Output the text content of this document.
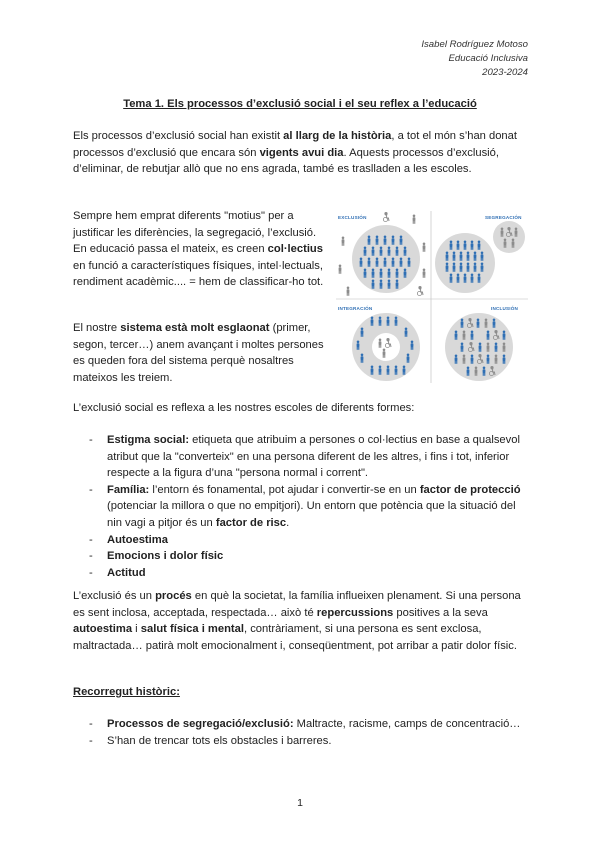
Isabel Rodríguez Motoso
Educació Inclusiva
2023-2024
Tema 1. Els processos d’exclusió social i el seu reflex a l’educació

Els processos d’exclusió social han existit al llarg de la història, a tot el món s’han donat processos d’exclusió que encara són vigents avui dia. Aquests processos d’exclusió, d’eliminar, de rebutjar allò que no ens agrada, també es traslladen a les escoles.

Sempre hem emprat diferents "motius" per a justificar les diferències, la segregació, l’exclusió. En educació passa el mateix, es creen col·lectius en funció a característiques físiques, intel·lectuals, rendiment acadèmic.... = hem de classificar-ho tot.

El nostre sistema està molt esglaonat (primer, segon, tercer…) anem avançant i moltes persones es queden fora del sistema perquè nosaltres mateixos les treiem.

EXCLUSIÓN	SEGREGACIÓN
INTEGRACIÓN	INCLUSIÓN

L’exclusió social es reflexa a les nostres escoles de diferents formes:

- Estigma social: etiqueta que atribuim a persones o col·lectius en base a qualsevol atribut que la "converteix" en una persona diferent de les altres, i fins i tot, inferior respecte a la figura d’una "persona normal i corrent".
- Família: l’entorn és fonamental, pot ajudar i convertir-se en un factor de protecció (potenciar la millora o que no empitjori). Un entorn que potència que la situació del nin vagi a pitjor és un factor de risc.
- Autoestima
- Emocions i dolor físic
- Actitud

L’exclusió és un procés en què la societat, la família influeixen plenament. Si una persona es sent inclosa, acceptada, respectada… això té repercussions positives a la seva autoestima i salut física i mental, contràriament, si una persona es sent exclosa, maltractada… patirà molt emocionalment i, conseqüentment, pot arribar a patir dolor físic.

Recorregut històric:
- Processos de segregació/exclusió: Maltracte, racisme, camps de concentració…
- S’han de trencar tots els obstacles i barreres.
1
